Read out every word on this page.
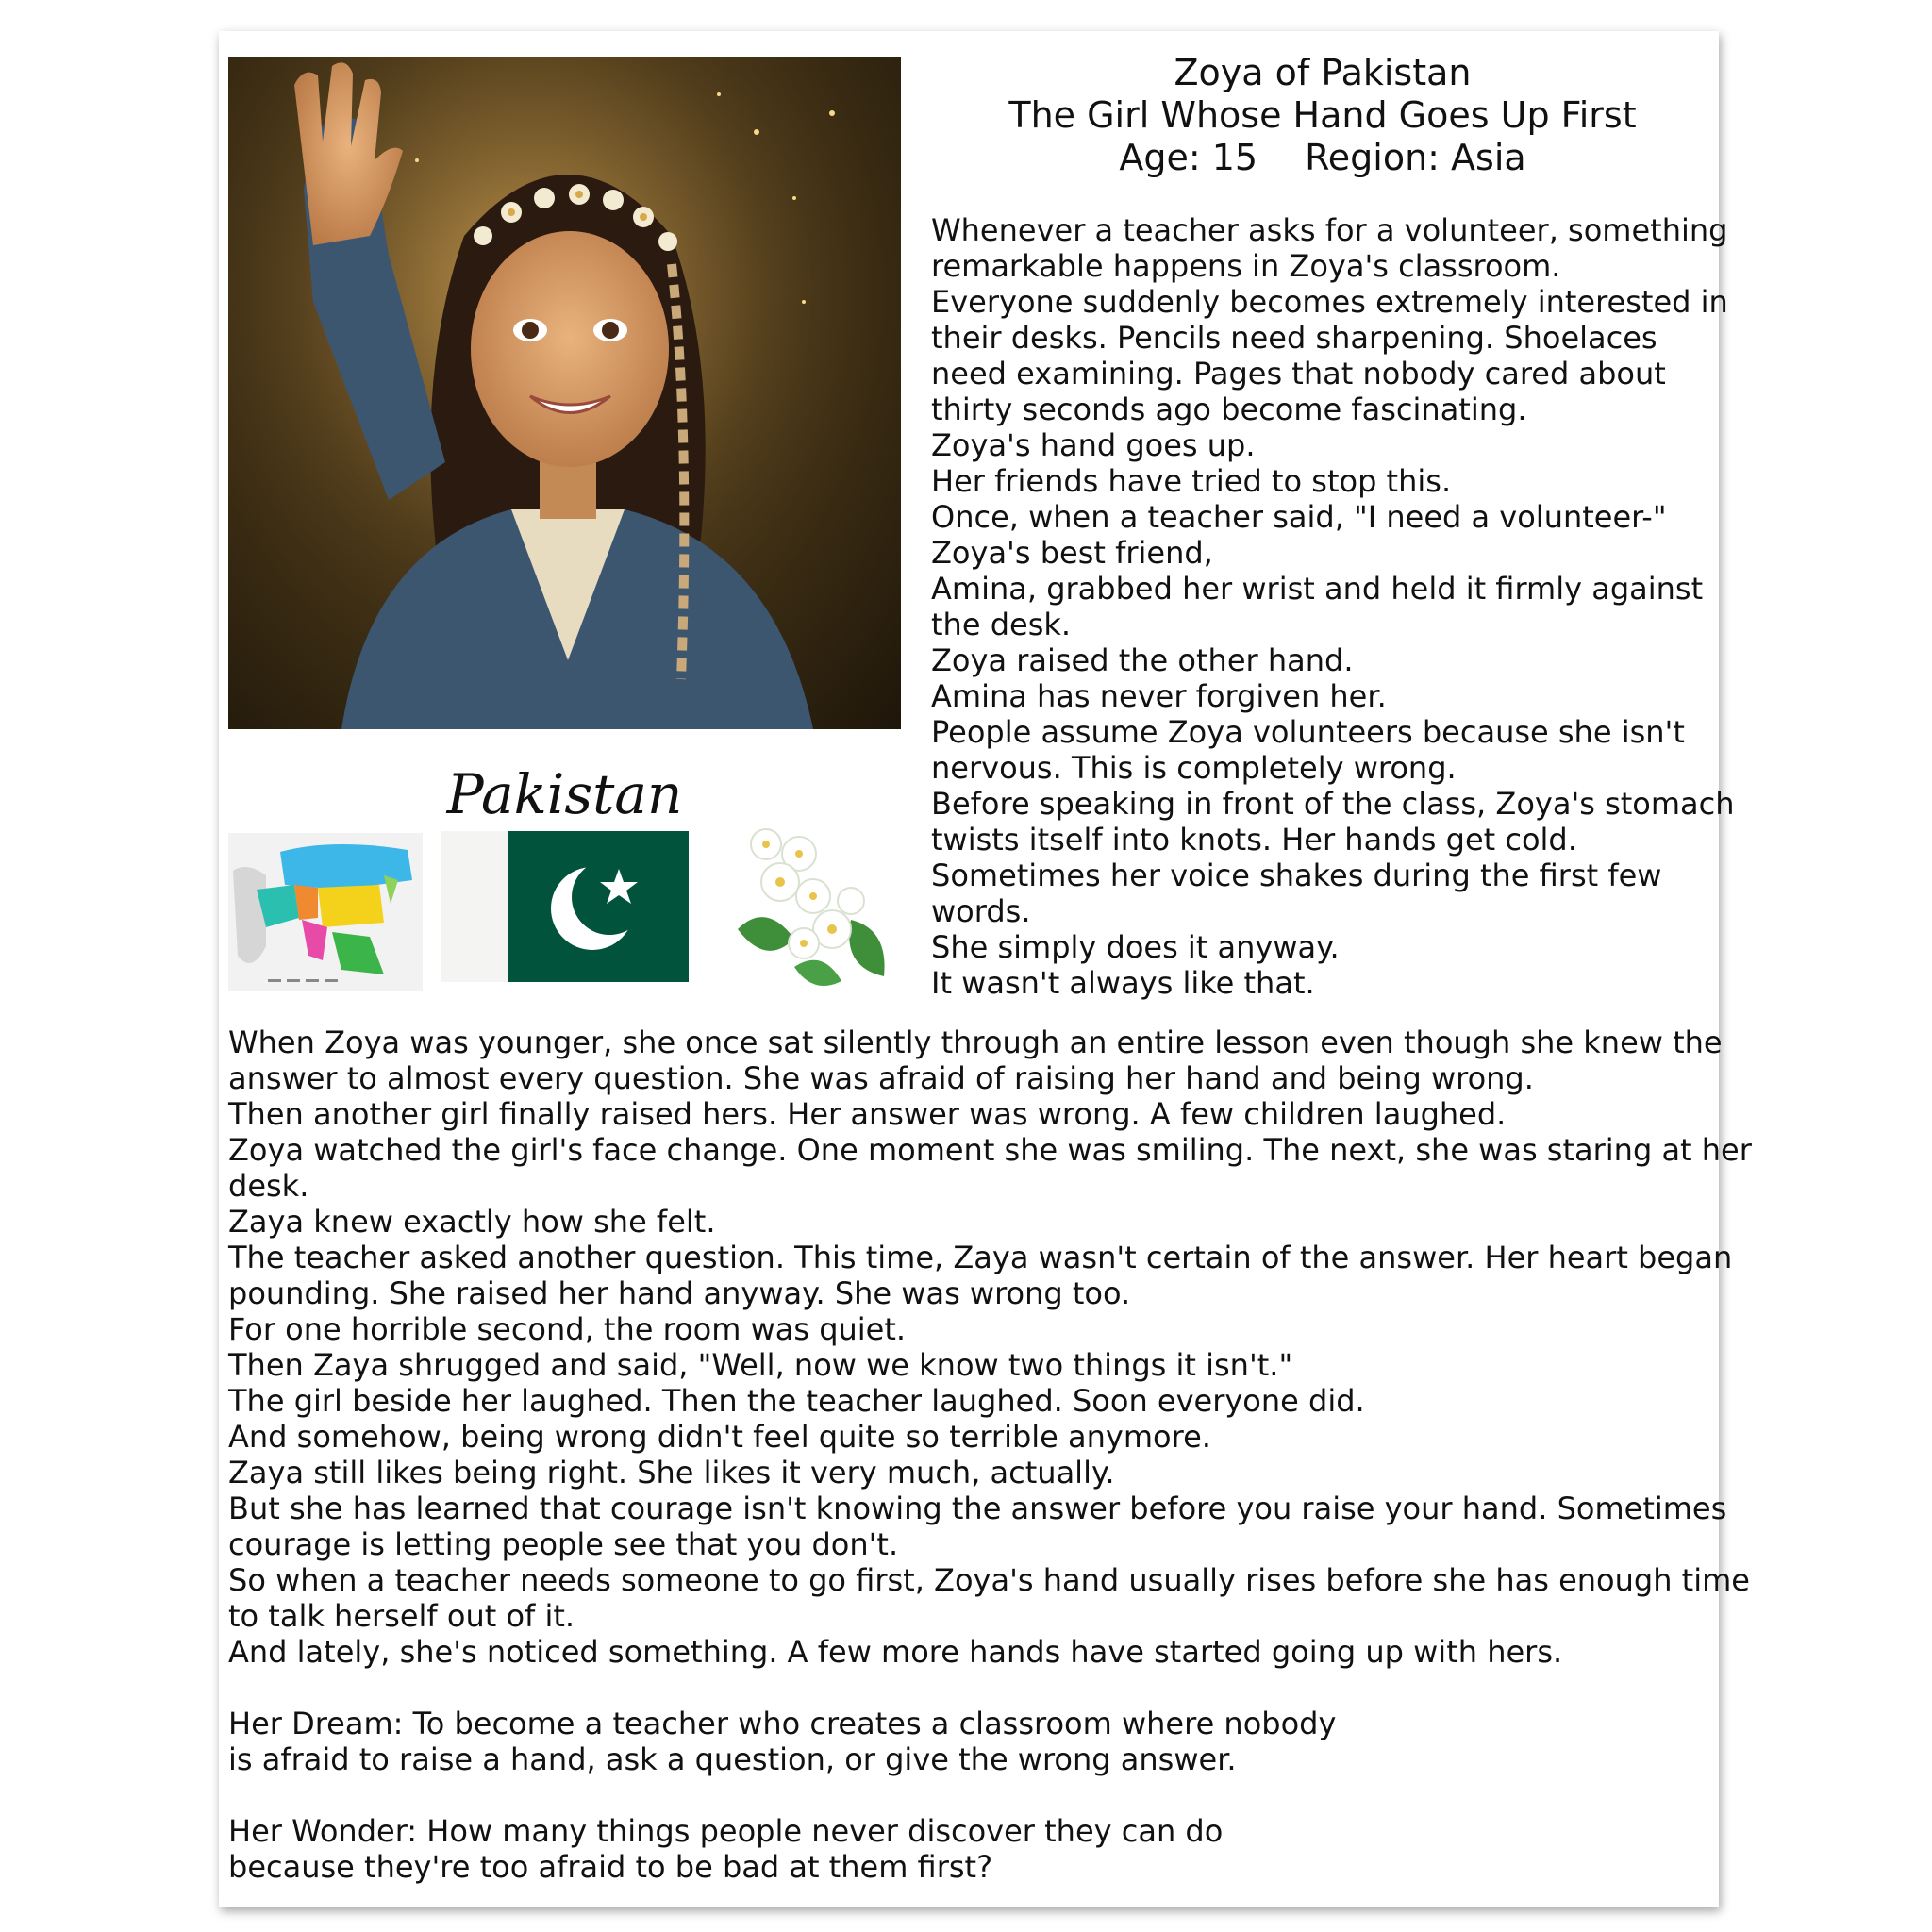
Pakistan
Zoya of Pakistan
The Girl Whose Hand Goes Up First
Age: 15 Region: Asia

Whenever a teacher asks for a volunteer, something

remarkable happens in Zoya's classroom.

Everyone suddenly becomes extremely interested in

their desks. Pencils need sharpening. Shoelaces

need examining. Pages that nobody cared about

thirty seconds ago become fascinating.

Zoya's hand goes up.

Her friends have tried to stop this.

Once, when a teacher said, "I need a volunteer-"

Zoya's best friend,

Amina, grabbed her wrist and held it firmly against

the desk.

Zoya raised the other hand.

Amina has never forgiven her.

People assume Zoya volunteers because she isn't

nervous. This is completely wrong.

Before speaking in front of the class, Zoya's stomach

twists itself into knots. Her hands get cold.

Sometimes her voice shakes during the first few

words.

She simply does it anyway.

It wasn't always like that.

When Zoya was younger, she once sat silently through an entire lesson even though she knew the

answer to almost every question. She was afraid of raising her hand and being wrong.

Then another girl finally raised hers. Her answer was wrong. A few children laughed.

Zoya watched the girl's face change. One moment she was smiling. The next, she was staring at her

desk.

Zaya knew exactly how she felt.

The teacher asked another question. This time, Zaya wasn't certain of the answer. Her heart began

pounding. She raised her hand anyway. She was wrong too.

For one horrible second, the room was quiet.

Then Zaya shrugged and said, "Well, now we know two things it isn't."

The girl beside her laughed. Then the teacher laughed. Soon everyone did.

And somehow, being wrong didn't feel quite so terrible anymore.

Zaya still likes being right. She likes it very much, actually.

But she has learned that courage isn't knowing the answer before you raise your hand. Sometimes

courage is letting people see that you don't.

So when a teacher needs someone to go first, Zoya's hand usually rises before she has enough time

to talk herself out of it.

And lately, she's noticed something. A few more hands have started going up with hers.

Her Dream: To become a teacher who creates a classroom where nobody

is afraid to raise a hand, ask a question, or give the wrong answer.

Her Wonder: How many things people never discover they can do

because they're too afraid to be bad at them first?
